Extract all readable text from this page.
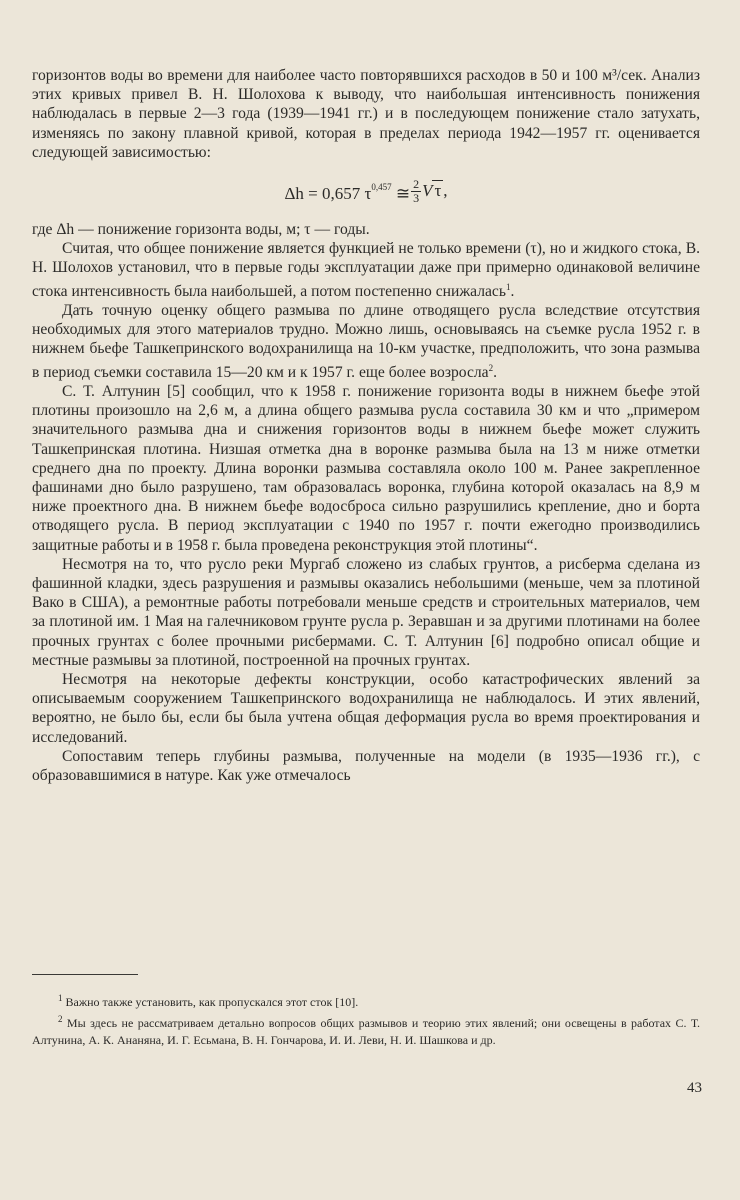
горизонтов воды во времени для наиболее часто повторявшихся расходов в 50 и 100 м³/сек. Анализ этих кривых привел В. Н. Шолохова к выводу, что наибольшая интенсивность понижения наблюдалась в первые 2—3 года (1939—1941 гг.) и в последующем понижение стало затухать, изменяясь по закону плавной кривой, которая в пределах периода 1942—1957 гг. оценивается следующей зависимостью:

Δh = 0,657 $\tau^{0,457}$ ≅ $\frac{2}{3}$ V τ ,

где Δh — понижение горизонта воды, м; τ — годы.

Считая, что общее понижение является функцией не только времени (τ), но и жидкого стока, В. Н. Шолохов установил, что в первые годы эксплуатации даже при примерно одинаковой величине стока интенсивность была наибольшей, а потом постепенно снижалась$^1$.

Дать точную оценку общего размыва по длине отводящего русла вследствие отсутствия необходимых для этого материалов трудно. Можно лишь, основываясь на съемке русла 1952 г. в нижнем бьефе Ташкепринского водохранилища на 10-км участке, предположить, что зона размыва в период съемки составила 15—20 км и к 1957 г. еще более возросла$^2$.

С. Т. Алтунин [5] сообщил, что к 1958 г. понижение горизонта воды в нижнем бьефе этой плотины произошло на 2,6 м, а длина общего размыва русла составила 30 км и что „примером значительного размыва дна и снижения горизонтов воды в нижнем бьефе может служить Ташкепринская плотина. Низшая отметка дна в воронке размыва была на 13 м ниже отметки среднего дна по проекту. Длина воронки размыва составляла около 100 м. Ранее закрепленное фашинами дно было разрушено, там образовалась воронка, глубина которой оказалась на 8,9 м ниже проектного дна. В нижнем бьефе водосброса сильно разрушились крепление, дно и борта отводящего русла. В период эксплуатации с 1940 по 1957 г. почти ежегодно производились защитные работы и в 1958 г. была проведена реконструкция этой плотины“.

Несмотря на то, что русло реки Мургаб сложено из слабых грунтов, а рисберма сделана из фашинной кладки, здесь разрушения и размывы оказались небольшими (меньше, чем за плотиной Вако в США), а ремонтные работы потребовали меньше средств и строительных материалов, чем за плотиной им. 1 Мая на галечниковом грунте русла р. Зеравшан и за другими плотинами на более прочных грунтах с более прочными рисбермами. С. Т. Алтунин [6] подробно описал общие и местные размывы за плотиной, построенной на прочных грунтах.

Несмотря на некоторые дефекты конструкции, особо катастрофических явлений за описываемым сооружением Ташкепринского водохранилища не наблюдалось. И этих явлений, вероятно, не было бы, если бы была учтена общая деформация русла во время проектирования и исследований.

Сопоставим теперь глубины размыва, полученные на модели (в 1935—1936 гг.), с образовавшимися в натуре. Как уже отмечалось

$^1$ Важно также установить, как пропускался этот сток [10].

$^2$ Мы здесь не рассматриваем детально вопросов общих размывов и теорию этих явлений; они освещены в работах С. Т. Алтунина, А. К. Ананяна, И. Г. Есьмана, В. Н. Гончарова, И. И. Леви, Н. И. Шашкова и др.

43
